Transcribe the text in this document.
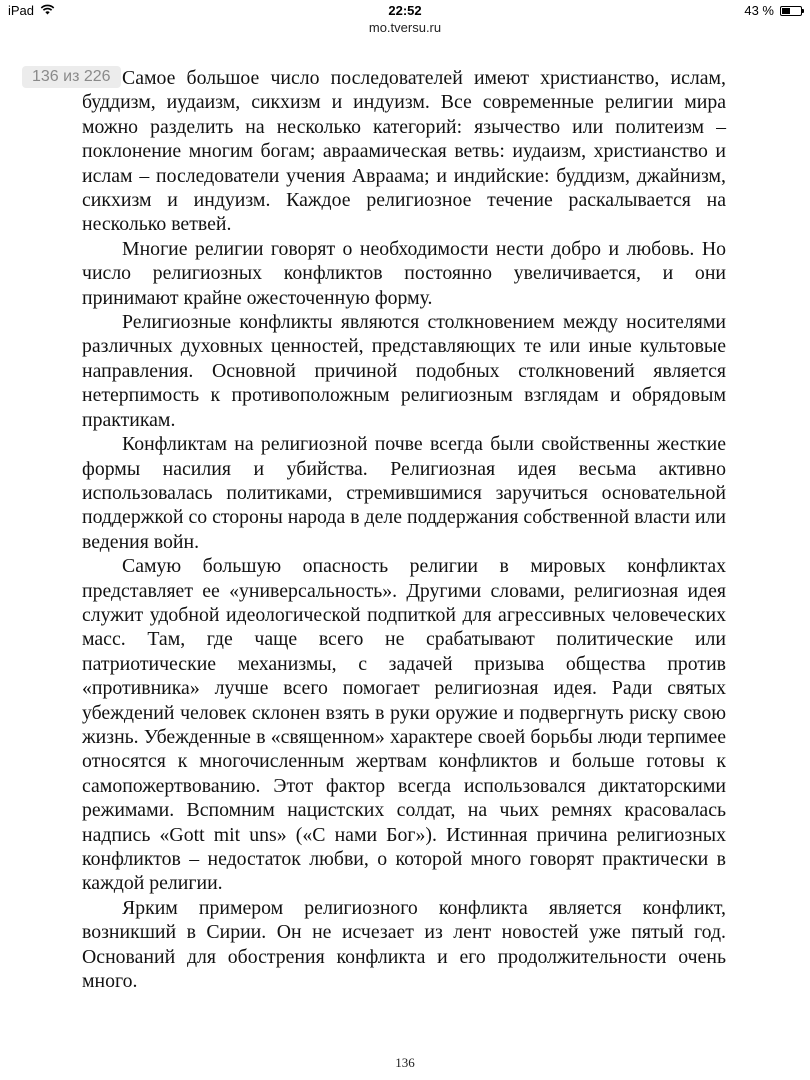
iPad	22:52	43 %
mo.tversu.ru
136 из 226 Самое большое число последователей имеют христианство, ислам, буддизм, иудаизм, сикхизм и индуизм. Все современные религии мира можно разделить на несколько категорий: язычество или политеизм – поклонение многим богам; авраамическая ветвь: иудаизм, христианство и ислам – последователи учения Авраама; и индийские: буддизм, джайнизм, сикхизм и индуизм. Каждое религиозное течение раскалывается на несколько ветвей.

Многие религии говорят о необходимости нести добро и любовь. Но число религиозных конфликтов постоянно увеличивается, и они принимают крайне ожесточенную форму.

Религиозные конфликты являются столкновением между носителями различных духовных ценностей, представляющих те или иные культовые направления. Основной причиной подобных столкновений является нетерпимость к противоположным религиозным взглядам и обрядовым практикам.

Конфликтам на религиозной почве всегда были свойственны жесткие формы насилия и убийства. Религиозная идея весьма активно использовалась политиками, стремившимися заручиться основательной поддержкой со стороны народа в деле поддержания собственной власти или ведения войн.

Самую большую опасность религии в мировых конфликтах представляет ее «универсальность». Другими словами, религиозная идея служит удобной идеологической подпиткой для агрессивных человеческих масс. Там, где чаще всего не срабатывают политические или патриотические механизмы, с задачей призыва общества против «противника» лучше всего помогает религиозная идея. Ради святых убеждений человек склонен взять в руки оружие и подвергнуть риску свою жизнь. Убежденные в «священном» характере своей борьбы люди терпимее относятся к многочисленным жертвам конфликтов и больше готовы к самопожертвованию. Этот фактор всегда использовался диктаторскими режимами. Вспомним нацистских солдат, на чьих ремнях красовалась надпись «Gott mit uns» («С нами Бог»). Истинная причина религиозных конфликтов – недостаток любви, о которой много говорят практически в каждой религии.

Ярким примером религиозного конфликта является конфликт, возникший в Сирии. Он не исчезает из лент новостей уже пятый год. Оснований для обострения конфликта и его продолжительности очень много.

136
